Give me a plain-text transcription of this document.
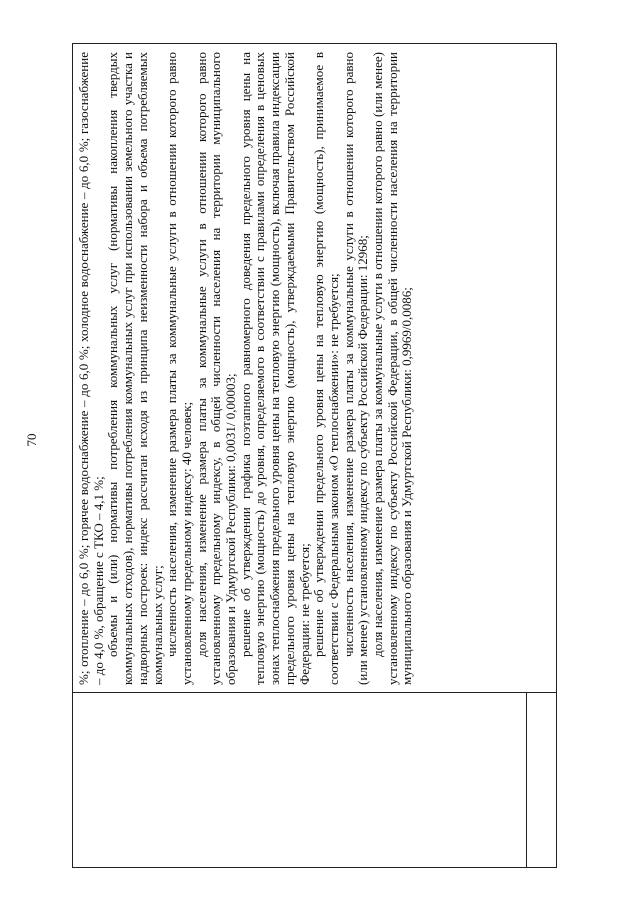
70	%; отопление – до 6,0 %; горячее водоснабжение – до 6,0 %; холодное водоснабжение – до 6,0 %; газоснабжение – до 4,0 %, обращение с ТКО – 4,1 %; объемы и (или) нормативы потребления коммунальных услуг (нормативы накопления твердых коммунальных отходов), нормативы потребления коммунальных услуг при использовании земельного участка и надворных построек: индекс рассчитан исходя из принципа неизменности набора и объема потребляемых коммунальных услуг; численность населения, изменение размера платы за коммунальные услуги в отношении которого равно установленному предельному индексу: 40 человек; доля населения, изменение размера платы за коммунальные услуги в отношении которого равно установленному предельному индексу, в общей численности населения на территории муниципального образования и Удмуртской Республики: 0,0031/ 0,00003; решение об утверждении графика поэтапного равномерного доведения предельного уровня цены на тепловую энергию (мощность) до уровня, определяемого в соответствии с правилами определения в ценовых зонах теплоснабжения предельного уровня цены на тепловую энергию (мощность), включая правила индексации предельного уровня цены на тепловую энергию (мощность), утверждаемыми Правительством Российской Федерации: не требуется; решение об утверждении предельного уровня цены на тепловую энергию (мощность), принимаемое в соответствии с Федеральным законом «О теплоснабжении»: не требуется; численность населения, изменение размера платы за коммунальные услуги в отношении которого равно (или менее) установленному индексу по субъекту Российской Федерации: 12968; доля населения, изменение размера платы за коммунальные услуги в отношении которого равно (или менее) установленному индексу по субъекту Российской Федерации, в общей численности населения на территории муниципального образования и Удмуртской Республики: 0,9969/0,0086;
